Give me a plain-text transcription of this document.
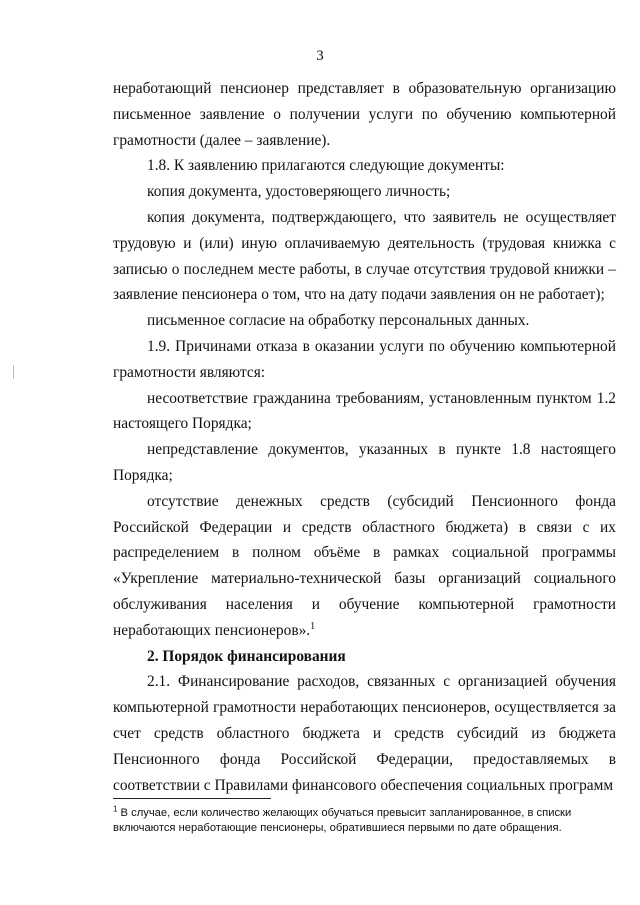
3

неработающий пенсионер представляет в образовательную организацию письменное заявление о получении услуги по обучению компьютерной грамотности (далее – заявление).

1.8. К заявлению прилагаются следующие документы:

копия документа, удостоверяющего личность;

копия документа, подтверждающего, что заявитель не осуществляет трудовую и (или) иную оплачиваемую деятельность (трудовая книжка с записью о последнем месте работы, в случае отсутствия трудовой книжки – заявление пенсионера о том, что на дату подачи заявления он не работает);

письменное согласие на обработку персональных данных.

1.9. Причинами отказа в оказании услуги по обучению компьютерной грамотности являются:

несоответствие гражданина требованиям, установленным пунктом 1.2 настоящего Порядка;

непредставление документов, указанных в пункте 1.8 настоящего Порядка;

отсутствие денежных средств (субсидий Пенсионного фонда Российской Федерации и средств областного бюджета) в связи с их распределением в полном объёме в рамках социальной программы «Укрепление материально-технической базы организаций социального обслуживания населения и обучение компьютерной грамотности неработающих пенсионеров».$^1$

2. Порядок финансирования

2.1. Финансирование расходов, связанных с организацией обучения компьютерной грамотности неработающих пенсионеров, осуществляется за счет средств областного бюджета и средств субсидий из бюджета Пенсионного фонда Российской Федерации, предоставляемых в соответствии с Правилами финансового обеспечения социальных программ

$^1$ В случае, если количество желающих обучаться превысит запланированное, в списки включаются неработающие пенсионеры, обратившиеся первыми по дате обращения.
